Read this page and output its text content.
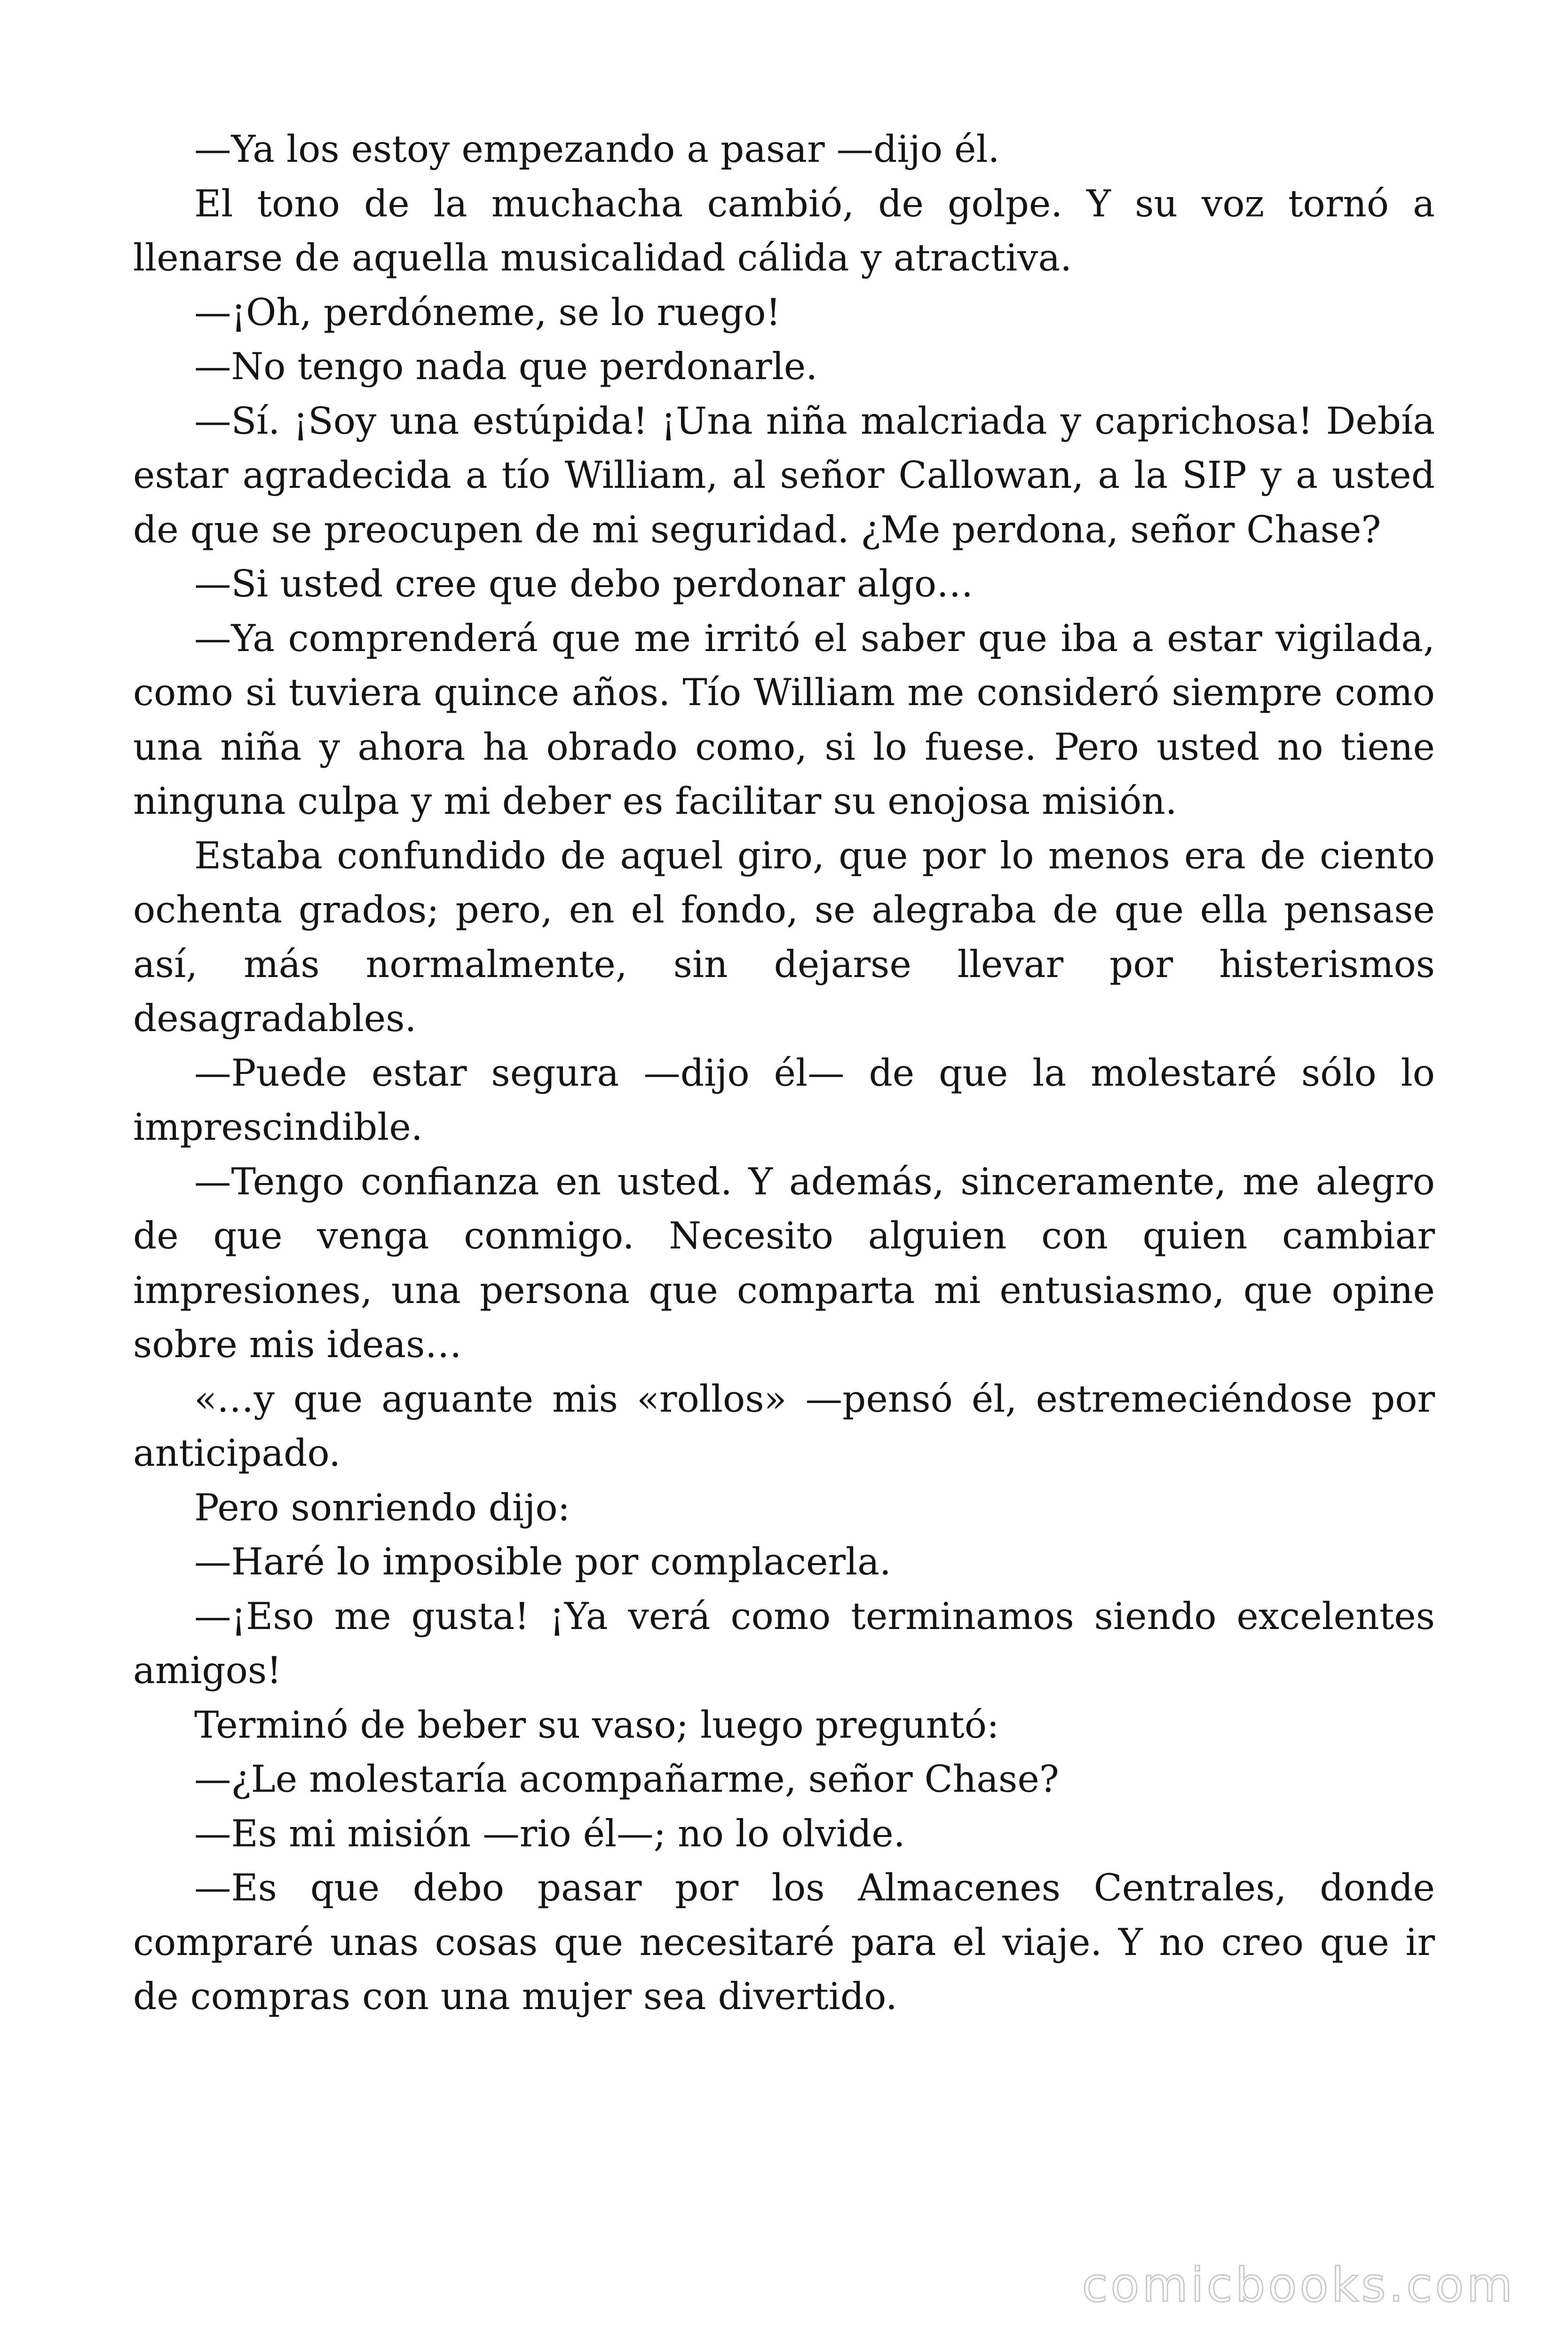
—Ya los estoy empezando a pasar —dijo él.

El tono de la muchacha cambió, de golpe. Y su voz tornó a llenarse de aquella musicalidad cálida y atractiva.

—¡Oh, perdóneme, se lo ruego!

—No tengo nada que perdonarle.

—Sí. ¡Soy una estúpida! ¡Una niña malcriada y caprichosa! Debía estar agradecida a tío William, al señor Callowan, a la SIP y a usted de que se preocupen de mi seguridad. ¿Me perdona, señor Chase?

—Si usted cree que debo perdonar algo…

—Ya comprenderá que me irritó el saber que iba a estar vigilada, como si tuviera quince años. Tío William me consideró siempre como una niña y ahora ha obrado como, si lo fuese. Pero usted no tiene ninguna culpa y mi deber es facilitar su enojosa misión.

Estaba confundido de aquel giro, que por lo menos era de ciento ochenta grados; pero, en el fondo, se alegraba de que ella pensase así, más normalmente, sin dejarse llevar por histerismos desagradables.

—Puede estar segura —dijo él— de que la molestaré sólo lo imprescindible.

—Tengo confianza en usted. Y además, sinceramente, me alegro de que venga conmigo. Necesito alguien con quien cambiar impresiones, una persona que comparta mi entusiasmo, que opine sobre mis ideas…

«…y que aguante mis «rollos» —pensó él, estremeciéndose por anticipado.

Pero sonriendo dijo:

—Haré lo imposible por complacerla.

—¡Eso me gusta! ¡Ya verá como terminamos siendo excelentes amigos!

Terminó de beber su vaso; luego preguntó:

—¿Le molestaría acompañarme, señor Chase?

—Es mi misión —rio él—; no lo olvide.

—Es que debo pasar por los Almacenes Centrales, donde compraré unas cosas que necesitaré para el viaje. Y no creo que ir de compras con una mujer sea divertido.

comicbooks.com
